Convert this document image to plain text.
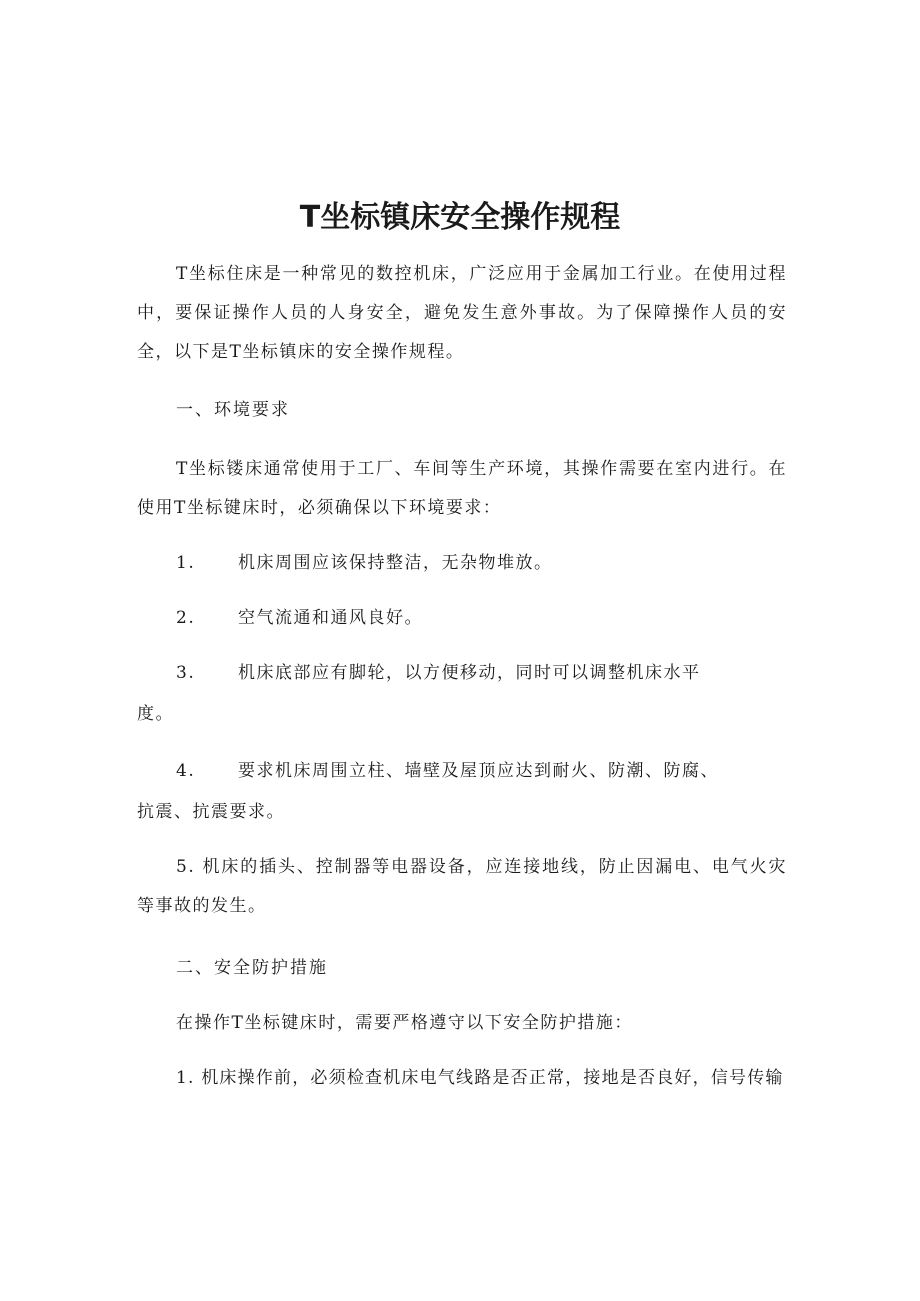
T坐标镇床安全操作规程
T坐标住床是一种常见的数控机床，广泛应用于金属加工行业。在使用过程中，要保证操作人员的人身安全，避免发生意外事故。为了保障操作人员的安全，以下是T坐标镇床的安全操作规程。
一、环境要求
T坐标镂床通常使用于工厂、车间等生产环境，其操作需要在室内进行。在使用T坐标键床时，必须确保以下环境要求：
1.	机床周围应该保持整洁，无杂物堆放。
2.	空气流通和通风良好。
3.	机床底部应有脚轮，以方便移动，同时可以调整机床水平
度。
4.	要求机床周围立柱、墙壁及屋顶应达到耐火、防潮、防腐、
抗震、抗震要求。
5. 机床的插头、控制器等电器设备，应连接地线，防止因漏电、电气火灾等事故的发生。
二、安全防护措施
在操作T坐标键床时，需要严格遵守以下安全防护措施：
1. 机床操作前，必须检查机床电气线路是否正常，接地是否良好，信号传输
